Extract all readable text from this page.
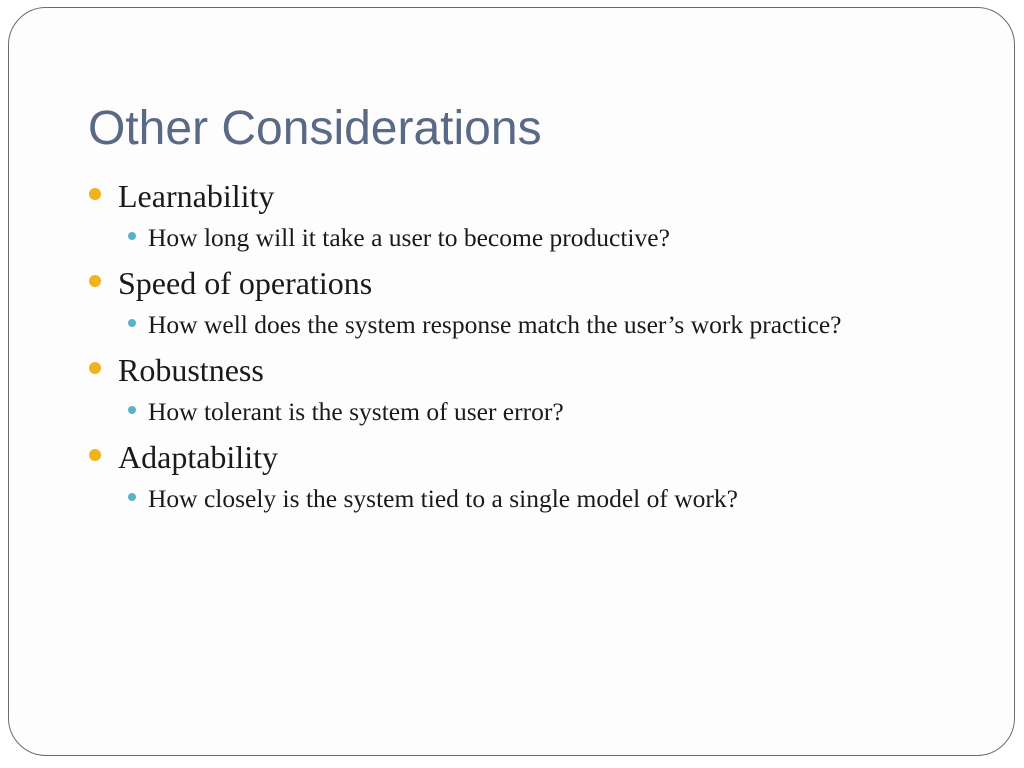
Other Considerations
Learnability
How long will it take a user to become productive?
Speed of operations
How well does the system response match the user’s work practice?
Robustness
How tolerant is the system of user error?
Adaptability
How closely is the system tied to a single model of work?
